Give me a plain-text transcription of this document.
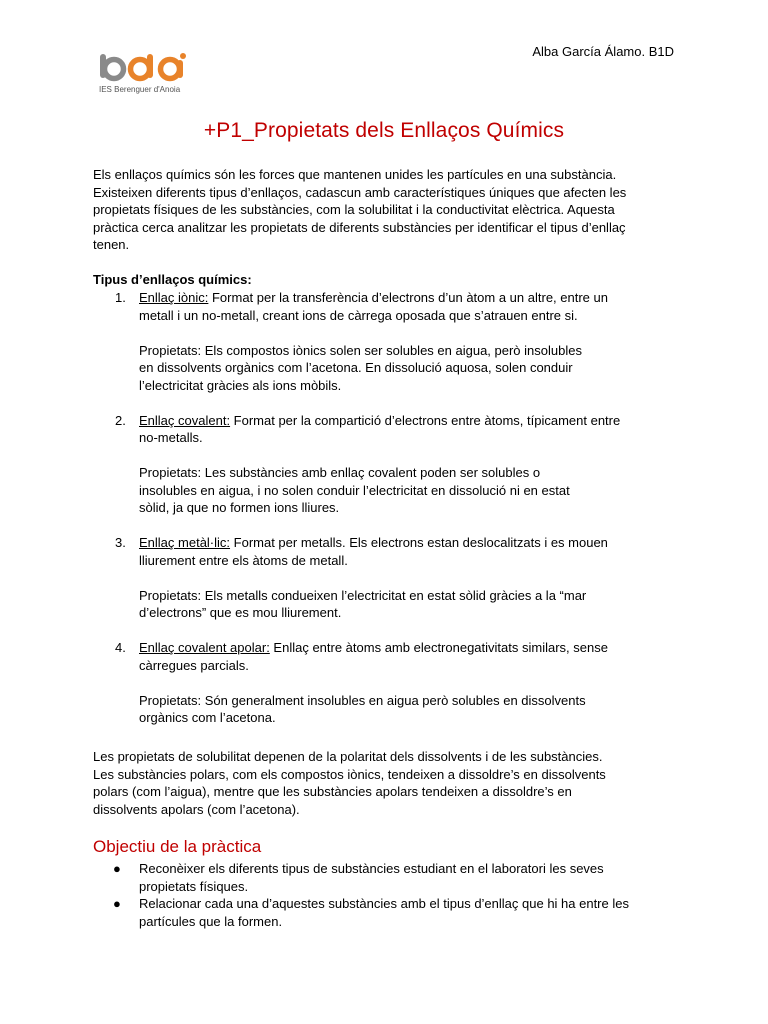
IES Berenguer d'Anoia
Alba García Álamo. B1D
+P1_Propietats dels Enllaços Químics
Els enllaços químics són les forces que mantenen unides les partícules en una substància.
Existeixen diferents tipus d’enllaços, cadascun amb característiques úniques que afecten les
propietats físiques de les substàncies, com la solubilitat i la conductivitat elèctrica. Aquesta
pràctica cerca analitzar les propietats de diferents substàncies per identificar el tipus d’enllaç
tenen.
Tipus d’enllaços químics:
1. Enllaç iònic: Format per la transferència d’electrons d’un àtom a un altre, entre un
metall i un no-metall, creant ions de càrrega oposada que s’atrauen entre si.
Propietats: Els compostos iònics solen ser solubles en aigua, però insolubles
en dissolvents orgànics com l’acetona. En dissolució aquosa, solen conduir
l’electricitat gràcies als ions mòbils.
2. Enllaç covalent: Format per la compartició d’electrons entre àtoms, típicament entre
no-metalls.
Propietats: Les substàncies amb enllaç covalent poden ser solubles o
insolubles en aigua, i no solen conduir l’electricitat en dissolució ni en estat
sòlid, ja que no formen ions lliures.
3. Enllaç metàl·lic: Format per metalls. Els electrons estan deslocalitzats i es mouen
lliurement entre els àtoms de metall.
Propietats: Els metalls condueixen l’electricitat en estat sòlid gràcies a la “mar
d’electrons” que es mou lliurement.
4. Enllaç covalent apolar: Enllaç entre àtoms amb electronegativitats similars, sense
càrregues parcials.
Propietats: Són generalment insolubles en aigua però solubles en dissolvents
orgànics com l’acetona.
Les propietats de solubilitat depenen de la polaritat dels dissolvents i de les substàncies.
Les substàncies polars, com els compostos iònics, tendeixen a dissoldre’s en dissolvents
polars (com l’aigua), mentre que les substàncies apolars tendeixen a dissoldre’s en
dissolvents apolars (com l’acetona).
Objectiu de la pràctica
● Reconèixer els diferents tipus de substàncies estudiant en el laboratori les seves
propietats físiques.
● Relacionar cada una d’aquestes substàncies amb el tipus d’enllaç que hi ha entre les
partícules que la formen.
